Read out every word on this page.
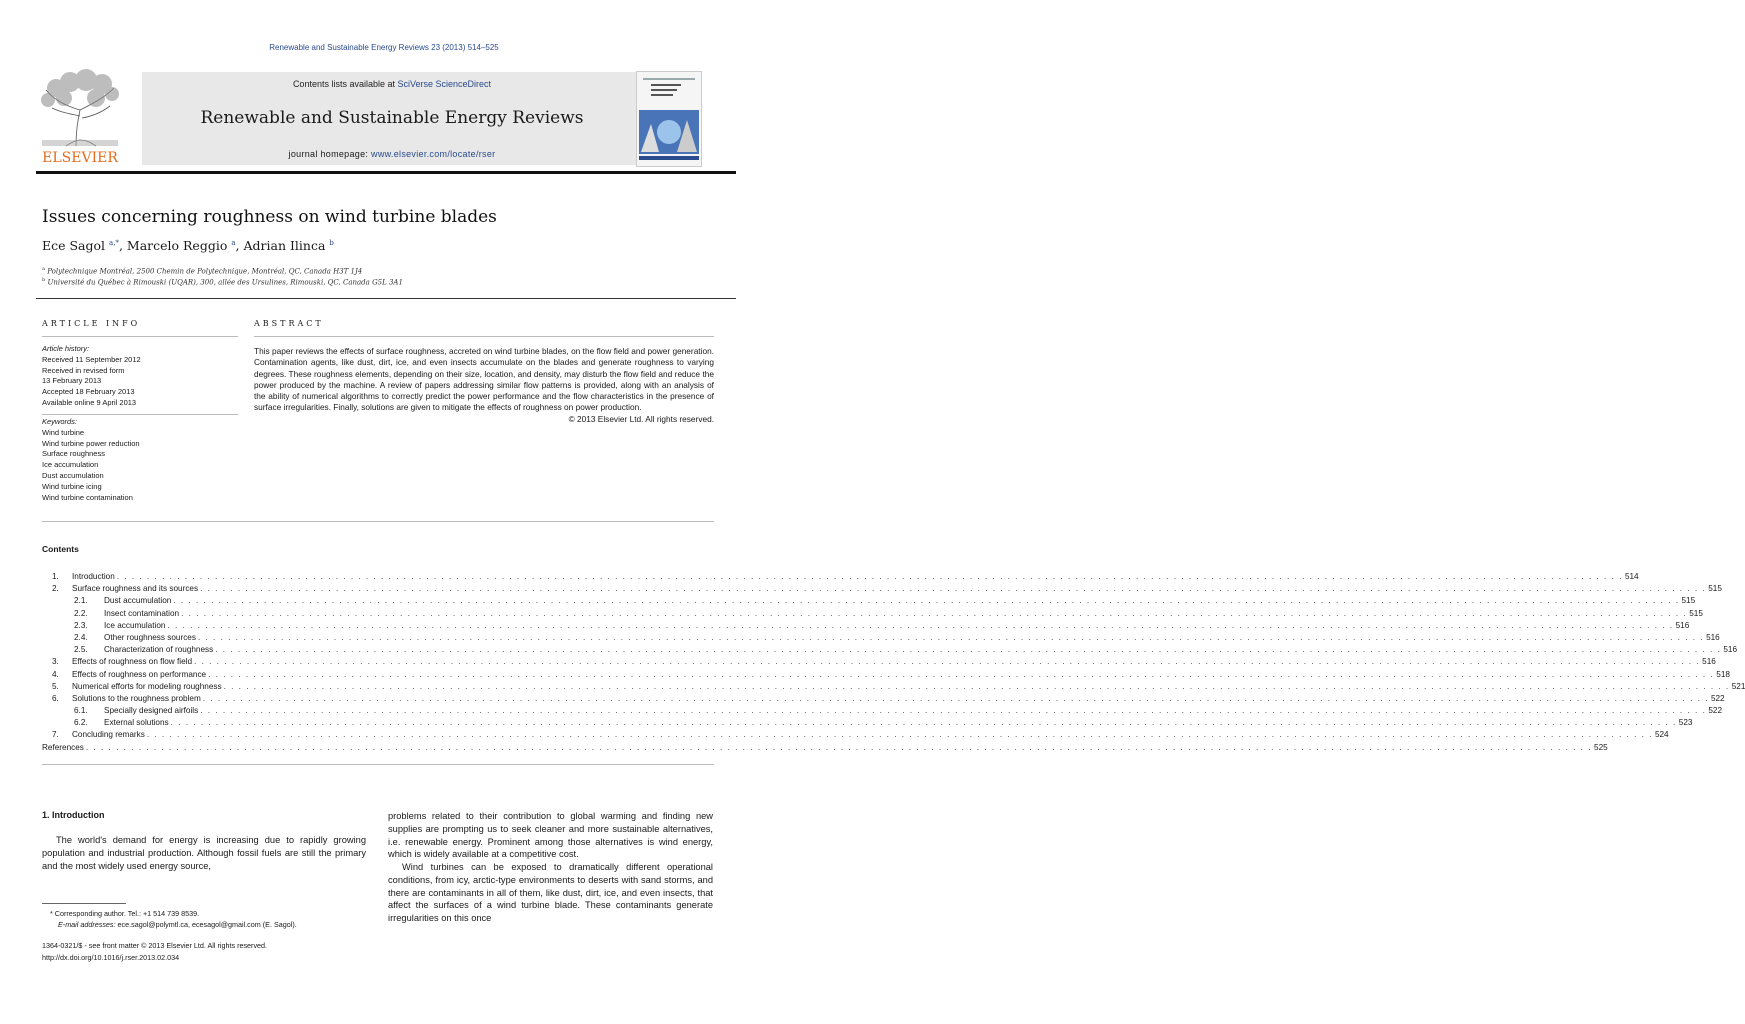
Renewable and Sustainable Energy Reviews 23 (2013) 514–525
ELSEVIER
Contents lists available at SciVerse ScienceDirect
Renewable and Sustainable Energy Reviews
journal homepage: www.elsevier.com/locate/rser
Issues concerning roughness on wind turbine blades
Ece Sagol $^{a,*}$, Marcelo Reggio $^a$, Adrian Ilinca $^b$
$^a$ Polytechnique Montréal, 2500 Chemin de Polytechnique, Montréal, QC, Canada H3T 1J4
$^b$ Université du Québec à Rimouski (UQAR), 300, allée des Ursulines, Rimouski, QC, Canada G5L 3A1
ARTICLE INFO
Article history:
Received 11 September 2012
Received in revised form
13 February 2013
Accepted 18 February 2013
Available online 9 April 2013
Keywords:
Wind turbine
Wind turbine power reduction
Surface roughness
Ice accumulation
Dust accumulation
Wind turbine icing
Wind turbine contamination
ABSTRACT
This paper reviews the effects of surface roughness, accreted on wind turbine blades, on the flow field and power generation. Contamination agents, like dust, dirt, ice, and even insects accumulate on the blades and generate roughness to varying degrees. These roughness elements, depending on their size, location, and density, may disturb the flow field and reduce the power produced by the machine. A review of papers addressing similar flow patterns is provided, along with an analysis of the ability of numerical algorithms to correctly predict the power performance and the flow characteristics in the presence of surface irregularities. Finally, solutions are given to mitigate the effects of roughness on power production.
© 2013 Elsevier Ltd. All rights reserved.
Contents
1.	Introduction . . . . . . . . . . . . . . . . . . . . . . . . . . . . . . . . . . . . . . . . . . . . . . . . . . . . . . . . . . . . . . . . . . . . . . . . . . . . . . . . . . . . . . . . . . . . . . . . . . . . . . . . . . . . . . . . . . . . . . . . . . . . . . . . . . . . . . . . . . . . . . . . . . . . . . . . . . . . . . . . . . . . . . . . . . . . . . . . . . . . . . . . . . . . . . . . . . . . . . . . 514
2.	Surface roughness and its sources . . . . . . . . . . . . . . . . . . . . . . . . . . . . . . . . . . . . . . . . . . . . . . . . . . . . . . . . . . . . . . . . . . . . . . . . . . . . . . . . . . . . . . . . . . . . . . . . . . . . . . . . . . . . . . . . . . . . . . . . . . . . . . . . . . . . . . . . . . . . . . . . . . . . . . . . . . . . . . . . . . . . . . . . . . . . . . . . . . . . . . . . . . . . . . . . . . . . . . . . 515
2.1.	Dust accumulation . . . . . . . . . . . . . . . . . . . . . . . . . . . . . . . . . . . . . . . . . . . . . . . . . . . . . . . . . . . . . . . . . . . . . . . . . . . . . . . . . . . . . . . . . . . . . . . . . . . . . . . . . . . . . . . . . . . . . . . . . . . . . . . . . . . . . . . . . . . . . . . . . . . . . . . . . . . . . . . . . . . . . . . . . . . . . . . . . . . . . . . . . . . . . . . . . . . . . . . . 515
2.2.	Insect contamination . . . . . . . . . . . . . . . . . . . . . . . . . . . . . . . . . . . . . . . . . . . . . . . . . . . . . . . . . . . . . . . . . . . . . . . . . . . . . . . . . . . . . . . . . . . . . . . . . . . . . . . . . . . . . . . . . . . . . . . . . . . . . . . . . . . . . . . . . . . . . . . . . . . . . . . . . . . . . . . . . . . . . . . . . . . . . . . . . . . . . . . . . . . . . . . . . . . . . . . . 515
2.3.	Ice accumulation . . . . . . . . . . . . . . . . . . . . . . . . . . . . . . . . . . . . . . . . . . . . . . . . . . . . . . . . . . . . . . . . . . . . . . . . . . . . . . . . . . . . . . . . . . . . . . . . . . . . . . . . . . . . . . . . . . . . . . . . . . . . . . . . . . . . . . . . . . . . . . . . . . . . . . . . . . . . . . . . . . . . . . . . . . . . . . . . . . . . . . . . . . . . . . . . . . . . . . . . 516
2.4.	Other roughness sources . . . . . . . . . . . . . . . . . . . . . . . . . . . . . . . . . . . . . . . . . . . . . . . . . . . . . . . . . . . . . . . . . . . . . . . . . . . . . . . . . . . . . . . . . . . . . . . . . . . . . . . . . . . . . . . . . . . . . . . . . . . . . . . . . . . . . . . . . . . . . . . . . . . . . . . . . . . . . . . . . . . . . . . . . . . . . . . . . . . . . . . . . . . . . . . . . . . . . . . . 516
2.5.	Characterization of roughness . . . . . . . . . . . . . . . . . . . . . . . . . . . . . . . . . . . . . . . . . . . . . . . . . . . . . . . . . . . . . . . . . . . . . . . . . . . . . . . . . . . . . . . . . . . . . . . . . . . . . . . . . . . . . . . . . . . . . . . . . . . . . . . . . . . . . . . . . . . . . . . . . . . . . . . . . . . . . . . . . . . . . . . . . . . . . . . . . . . . . . . . . . . . . . . . . . . . . . . . 516
3.	Effects of roughness on flow field . . . . . . . . . . . . . . . . . . . . . . . . . . . . . . . . . . . . . . . . . . . . . . . . . . . . . . . . . . . . . . . . . . . . . . . . . . . . . . . . . . . . . . . . . . . . . . . . . . . . . . . . . . . . . . . . . . . . . . . . . . . . . . . . . . . . . . . . . . . . . . . . . . . . . . . . . . . . . . . . . . . . . . . . . . . . . . . . . . . . . . . . . . . . . . . . . . . . . . . . 516
4.	Effects of roughness on performance . . . . . . . . . . . . . . . . . . . . . . . . . . . . . . . . . . . . . . . . . . . . . . . . . . . . . . . . . . . . . . . . . . . . . . . . . . . . . . . . . . . . . . . . . . . . . . . . . . . . . . . . . . . . . . . . . . . . . . . . . . . . . . . . . . . . . . . . . . . . . . . . . . . . . . . . . . . . . . . . . . . . . . . . . . . . . . . . . . . . . . . . . . . . . . . . . . . . . . . . 518
5.	Numerical efforts for modeling roughness . . . . . . . . . . . . . . . . . . . . . . . . . . . . . . . . . . . . . . . . . . . . . . . . . . . . . . . . . . . . . . . . . . . . . . . . . . . . . . . . . . . . . . . . . . . . . . . . . . . . . . . . . . . . . . . . . . . . . . . . . . . . . . . . . . . . . . . . . . . . . . . . . . . . . . . . . . . . . . . . . . . . . . . . . . . . . . . . . . . . . . . . . . . . . . . . . . . . . . . . 521
6.	Solutions to the roughness problem . . . . . . . . . . . . . . . . . . . . . . . . . . . . . . . . . . . . . . . . . . . . . . . . . . . . . . . . . . . . . . . . . . . . . . . . . . . . . . . . . . . . . . . . . . . . . . . . . . . . . . . . . . . . . . . . . . . . . . . . . . . . . . . . . . . . . . . . . . . . . . . . . . . . . . . . . . . . . . . . . . . . . . . . . . . . . . . . . . . . . . . . . . . . . . . . . . . . . . . . 522
6.1.	Specially designed airfoils . . . . . . . . . . . . . . . . . . . . . . . . . . . . . . . . . . . . . . . . . . . . . . . . . . . . . . . . . . . . . . . . . . . . . . . . . . . . . . . . . . . . . . . . . . . . . . . . . . . . . . . . . . . . . . . . . . . . . . . . . . . . . . . . . . . . . . . . . . . . . . . . . . . . . . . . . . . . . . . . . . . . . . . . . . . . . . . . . . . . . . . . . . . . . . . . . . . . . . . . 522
6.2.	External solutions . . . . . . . . . . . . . . . . . . . . . . . . . . . . . . . . . . . . . . . . . . . . . . . . . . . . . . . . . . . . . . . . . . . . . . . . . . . . . . . . . . . . . . . . . . . . . . . . . . . . . . . . . . . . . . . . . . . . . . . . . . . . . . . . . . . . . . . . . . . . . . . . . . . . . . . . . . . . . . . . . . . . . . . . . . . . . . . . . . . . . . . . . . . . . . . . . . . . . . . . 523
7.	Concluding remarks . . . . . . . . . . . . . . . . . . . . . . . . . . . . . . . . . . . . . . . . . . . . . . . . . . . . . . . . . . . . . . . . . . . . . . . . . . . . . . . . . . . . . . . . . . . . . . . . . . . . . . . . . . . . . . . . . . . . . . . . . . . . . . . . . . . . . . . . . . . . . . . . . . . . . . . . . . . . . . . . . . . . . . . . . . . . . . . . . . . . . . . . . . . . . . . . . . . . . . . . 524
References . . . . . . . . . . . . . . . . . . . . . . . . . . . . . . . . . . . . . . . . . . . . . . . . . . . . . . . . . . . . . . . . . . . . . . . . . . . . . . . . . . . . . . . . . . . . . . . . . . . . . . . . . . . . . . . . . . . . . . . . . . . . . . . . . . . . . . . . . . . . . . . . . . . . . . . . . . . . . . . . . . . . . . . . . . . . . . . . . . . . . . . . . . . . . . . . . . . . . . . . 525
1. Introduction
The world's demand for energy is increasing due to rapidly growing population and industrial production. Although fossil fuels are still the primary and the most widely used energy source,
problems related to their contribution to global warming and finding new supplies are prompting us to seek cleaner and more sustainable alternatives, i.e. renewable energy. Prominent among those alternatives is wind energy, which is widely available at a competitive cost.
Wind turbines can be exposed to dramatically different operational conditions, from icy, arctic-type environments to deserts with sand storms, and there are contaminants in all of them, like dust, dirt, ice, and even insects, that affect the surfaces of a wind turbine blade. These contaminants generate irregularities on this once
* Corresponding author. Tel.: +1 514 739 8539.
E-mail addresses: ece.sagol@polymtl.ca, ecesagol@gmail.com (E. Sagol).
1364-0321/$ - see front matter © 2013 Elsevier Ltd. All rights reserved.
http://dx.doi.org/10.1016/j.rser.2013.02.034
